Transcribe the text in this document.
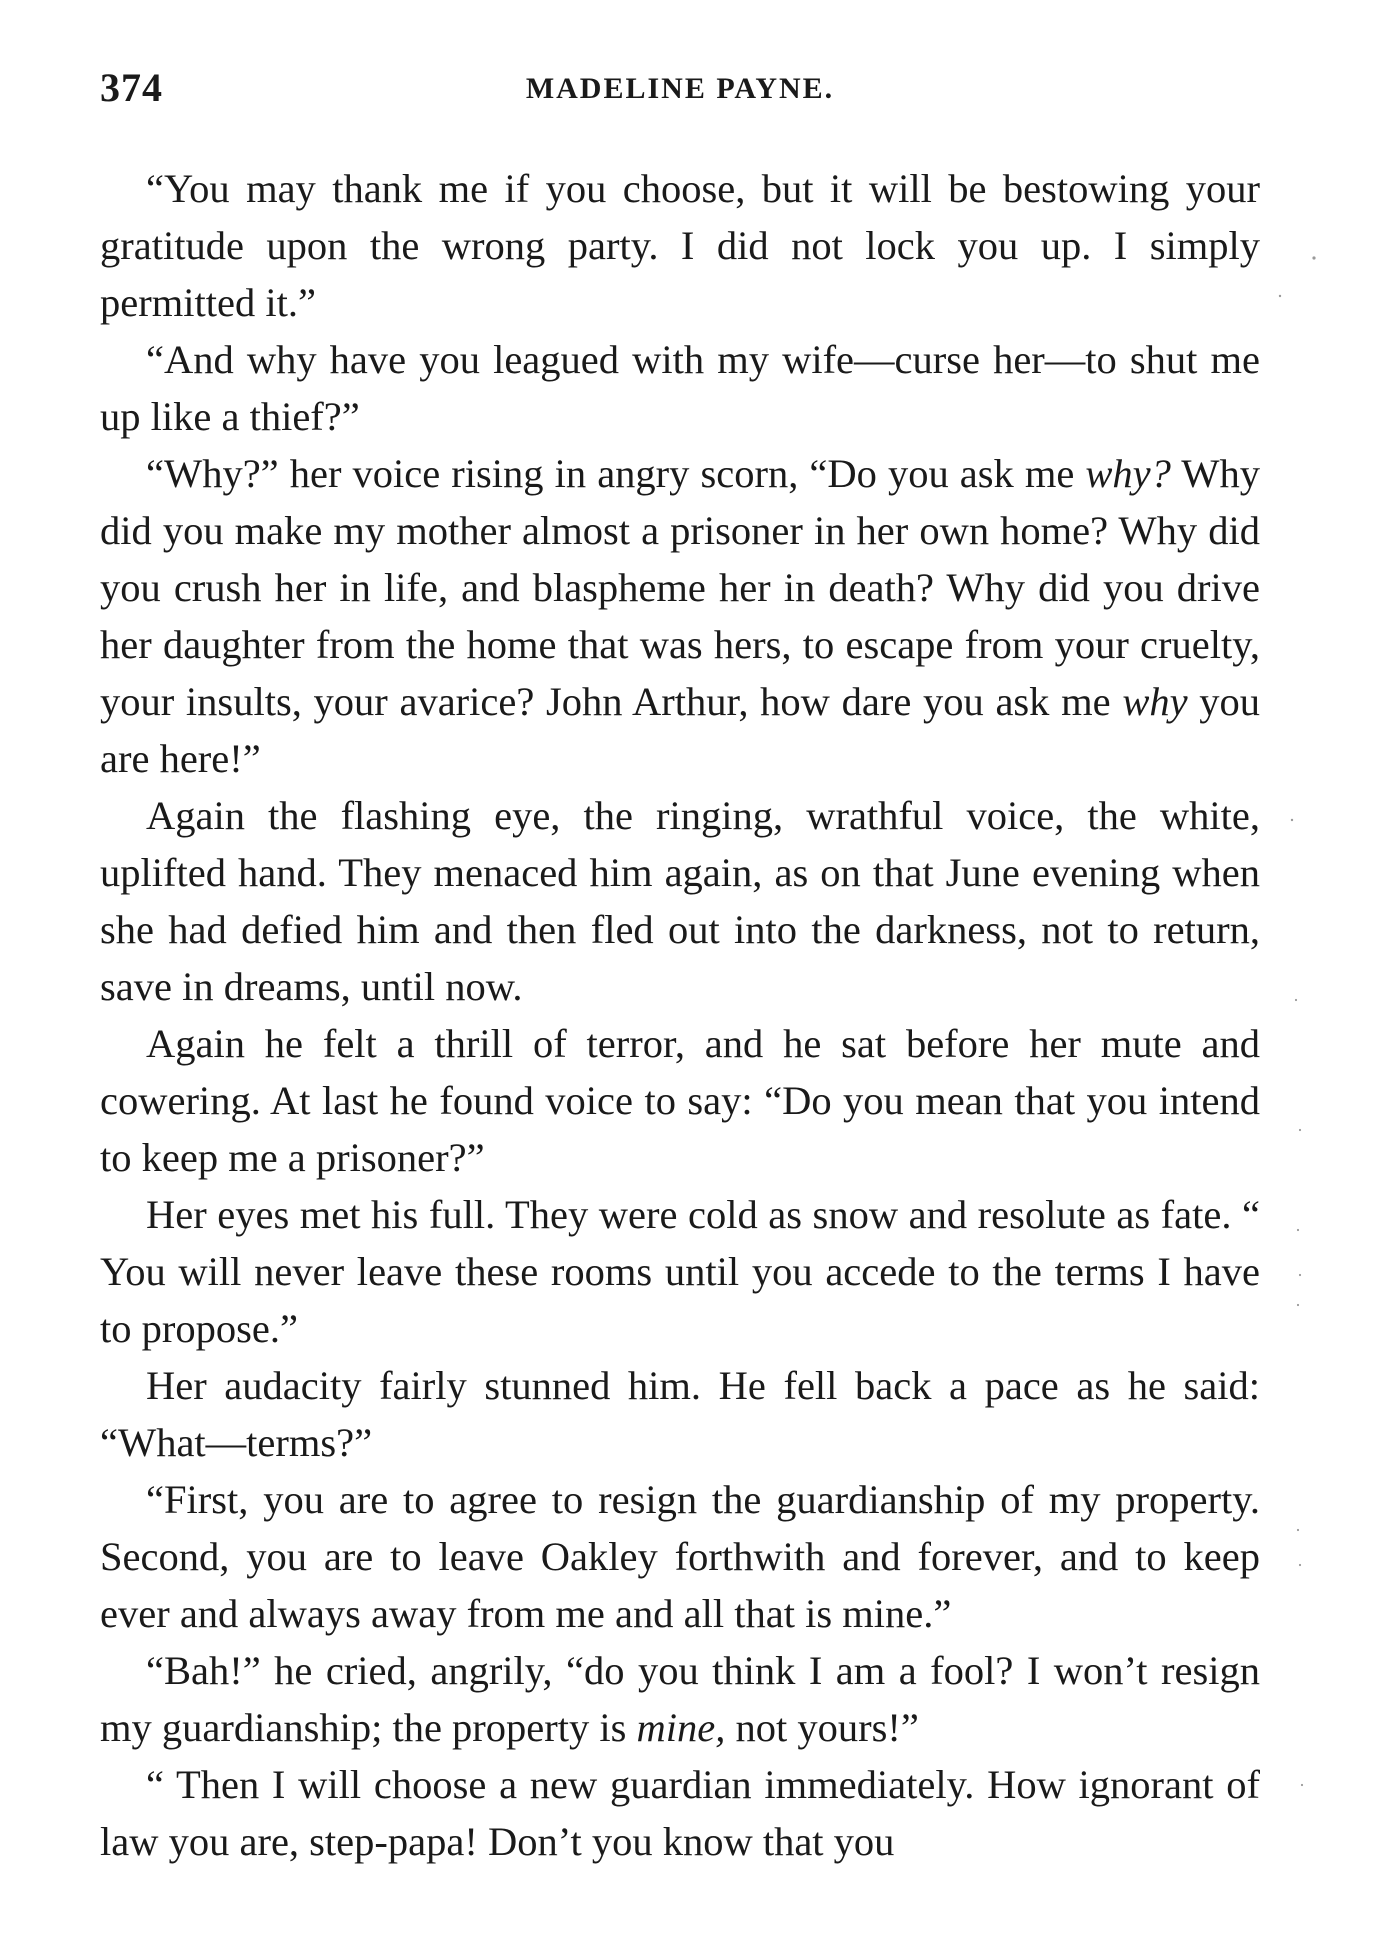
374	MADELINE PAYNE.

“You may thank me if you choose, but it will be bestowing your gratitude upon the wrong party. I did not lock you up. I simply permitted it.”

“And why have you leagued with my wife—curse her—to shut me up like a thief?”

“Why?” her voice rising in angry scorn, “Do you ask me why? Why did you make my mother almost a prisoner in her own home? Why did you crush her in life, and blaspheme her in death? Why did you drive her daughter from the home that was hers, to escape from your cruelty, your insults, your avarice? John Arthur, how dare you ask me why you are here!”

Again the flashing eye, the ringing, wrathful voice, the white, uplifted hand. They menaced him again, as on that June evening when she had defied him and then fled out into the darkness, not to return, save in dreams, until now.

Again he felt a thrill of terror, and he sat before her mute and cowering. At last he found voice to say: “Do you mean that you intend to keep me a prisoner?”

Her eyes met his full. They were cold as snow and resolute as fate. “ You will never leave these rooms until you accede to the terms I have to propose.”

Her audacity fairly stunned him. He fell back a pace as he said: “What—terms?”

“First, you are to agree to resign the guardianship of my property. Second, you are to leave Oakley forthwith and forever, and to keep ever and always away from me and all that is mine.”

“Bah!” he cried, angrily, “do you think I am a fool? I won’t resign my guardianship; the property is mine, not yours!”

“ Then I will choose a new guardian immediately. How ignorant of law you are, step-papa! Don’t you know that you
